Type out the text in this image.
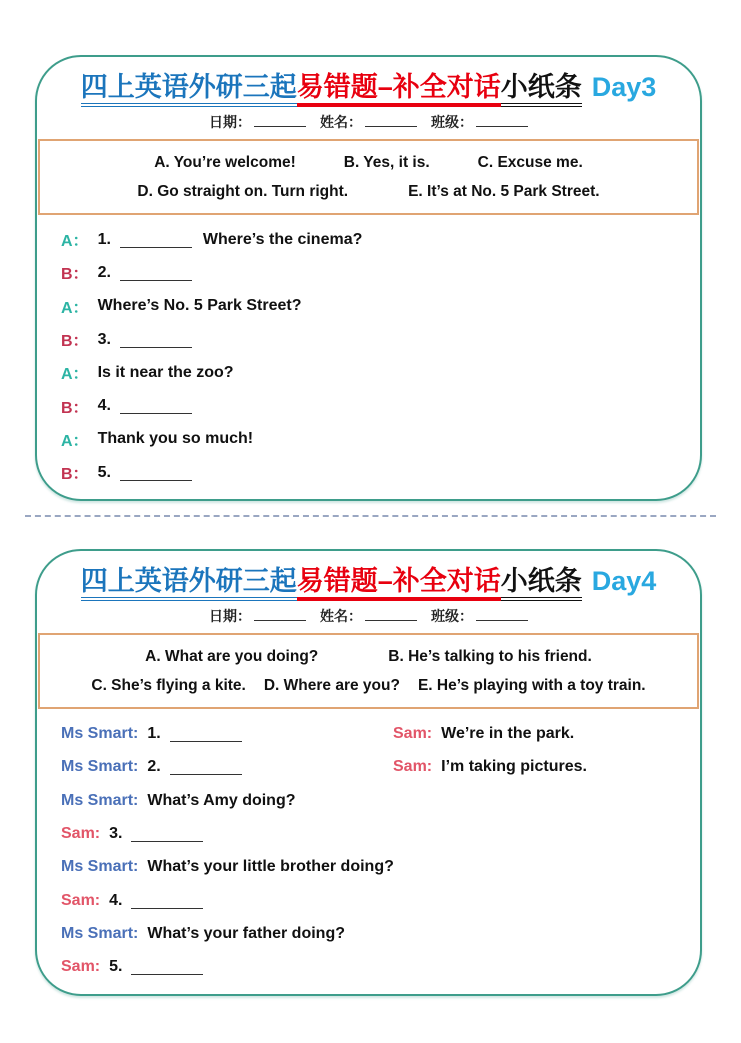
四上英语外研三起易错题–补全对话小纸条 Day3
日期：	姓名：	班级：
A. You’re welcome!	B. Yes, it is.	C. Excuse me.
D. Go straight on. Turn right.	E. It’s at No. 5 Park Street.
A： 1.	Where’s the cinema?
B： 2.
A： Where’s No. 5 Park Street?
B： 3.
A： Is it near the zoo?
B： 4.
A： Thank you so much!
B： 5.
四上英语外研三起易错题–补全对话小纸条 Day4
日期：	姓名：	班级：
A. What are you doing?	B. He’s talking to his friend.
C. She’s flying a kite. D. Where are you? E. He’s playing with a toy train.
Ms Smart: 1.	Sam: We’re in the park.
Ms Smart: 2.	Sam: I’m taking pictures.
Ms Smart: What’s Amy doing?
Sam: 3.
Ms Smart: What’s your little brother doing?
Sam: 4.
Ms Smart: What’s your father doing?
Sam: 5.
